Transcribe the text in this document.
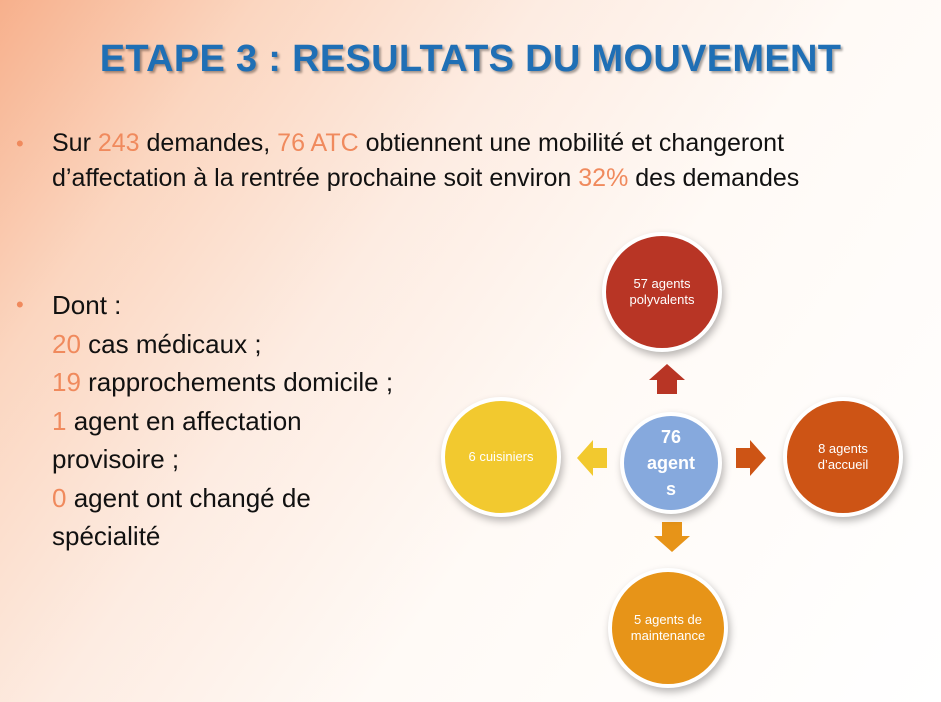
ETAPE 3 : RESULTATS DU MOUVEMENT
• Sur 243 demandes, 76 ATC obtiennent une mobilité et changeront d’affectation à la rentrée prochaine soit environ 32% des demandes
• Dont :
20 cas médicaux ;
19 rapprochements domicile ;
1 agent en affectation provisoire ;
0 agent ont changé de spécialité
57 agents polyvalents
8 agents d’accueil
5 agents de maintenance
6 cuisiniers
76 agents
